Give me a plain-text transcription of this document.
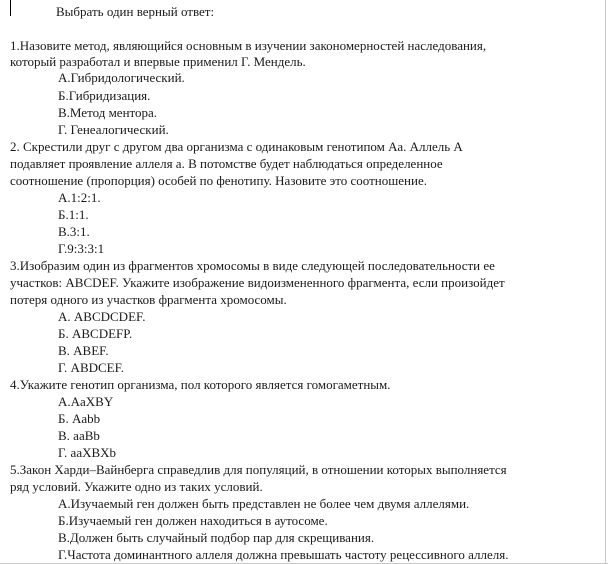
Выбрать один верный ответ:
1.Назовите метод, являющийся основным в изучении закономерностей наследования,
который разработал и впервые применил Г. Мендель.
А.Гибридологический.
Б.Гибридизация.
В.Метод ментора.
Г. Генеалогический.
2. Скрестили друг с другом два организма с одинаковым генотипом Аа. Аллель А
подавляет проявление аллеля а. В потомстве будет наблюдаться определенное
соотношение (пропорция) особей по фенотипу. Назовите это соотношение.
А.1:2:1.
Б.1:1.
В.3:1.
Г.9:3:3:1
3.Изобразим один из фрагментов хромосомы в виде следующей последовательности ее
участков: ABCDEF. Укажите изображение видоизмененного фрагмента, если произойдет
потеря одного из участков фрагмента хромосомы.
А. ABCDCDEF.
Б. ABCDEFP.
В. ABEF.
Г. ABDCEF.
4.Укажите генотип организма, пол которого является гомогаметным.
А.AaXBY
Б. Aabb
В. aaBb
Г. aaXBXb
5.Закон Харди–Вайнберга справедлив для популяций, в отношении которых выполняется
ряд условий. Укажите одно из таких условий.
А.Изучаемый ген должен быть представлен не более чем двумя аллелями.
Б.Изучаемый ген должен находиться в аутосоме.
В.Должен быть случайный подбор пар для скрещивания.
Г.Частота доминантного аллеля должна превышать частоту рецессивного аллеля.
